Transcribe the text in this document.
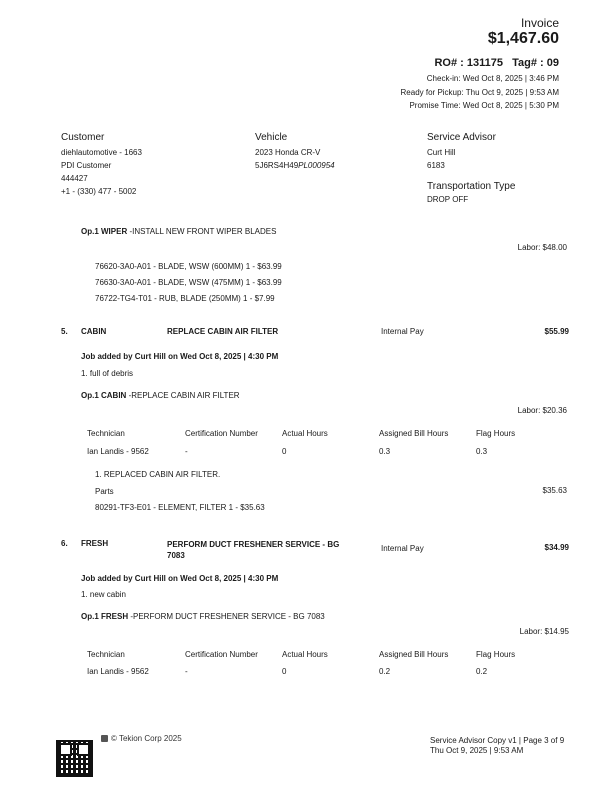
Invoice
$1,467.60
RO# : 131175   Tag# : 09
Check-in: Wed Oct 8, 2025 | 3:46 PM
Ready for Pickup: Thu Oct 9, 2025 | 9:53 AM
Promise Time: Wed Oct 8, 2025 | 5:30 PM
Customer
diehlautomotive - 1663
PDI Customer
444427
+1 - (330) 477 - 5002
Vehicle
2023 Honda CR-V
5J6RS4H49PL000954
Service Advisor
Curt Hill
6183
Transportation Type
DROP OFF
Op.1 WIPER -INSTALL NEW FRONT WIPER BLADES
Labor: $48.00
76620-3A0-A01 - BLADE, WSW (600MM) 1 - $63.99
76630-3A0-A01 - BLADE, WSW (475MM) 1 - $63.99
76722-TG4-T01 - RUB, BLADE (250MM) 1 - $7.99
5. CABIN	REPLACE CABIN AIR FILTER	Internal Pay	$55.99
Job added by Curt Hill on Wed Oct 8, 2025 | 4:30 PM
1. full of debris
Op.1 CABIN -REPLACE CABIN AIR FILTER
Labor: $20.36
Technician	Certification Number	Actual Hours	Assigned Bill Hours	Flag Hours
Ian Landis - 9562	-	0	0.3	0.3
1. REPLACED CABIN AIR FILTER.
Parts	$35.63
80291-TF3-E01 - ELEMENT, FILTER 1 - $35.63
6. FRESH	PERFORM DUCT FRESHENER SERVICE - BG
7083
Internal Pay	$34.99
Job added by Curt Hill on Wed Oct 8, 2025 | 4:30 PM
1. new cabin
Op.1 FRESH -PERFORM DUCT FRESHENER SERVICE - BG 7083
Labor: $14.95
Technician	Certification Number	Actual Hours	Assigned Bill Hours	Flag Hours
Ian Landis - 9562	-	0	0.2	0.2
© Tekion Corp 2025	Service Advisor Copy v1 | Page 3 of 9
Thu Oct 9, 2025 | 9:53 AM
